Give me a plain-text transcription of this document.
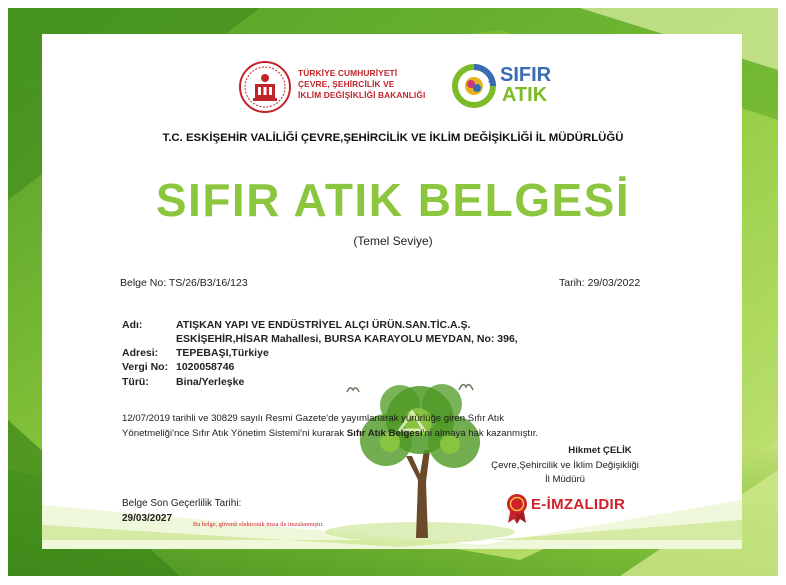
TÜRKİYE CUMHURİYETİ
ÇEVRE, ŞEHİRCİLİK VE
İKLİM DEĞİŞİKLİĞİ BAKANLIĞI
SIFIR
ATIK
T.C. ESKİŞEHİR VALİLİĞİ ÇEVRE,ŞEHİRCİLİK VE İKLİM DEĞİŞİKLİĞİ İL MÜDÜRLÜĞÜ
SIFIR ATIK BELGESİ
(Temel Seviye)
Belge No: TS/26/B3/16/123	Tarih: 29/03/2022
Adı:	ATIŞKAN YAPI VE ENDÜSTRİYEL ALÇI ÜRÜN.SAN.TİC.A.Ş.
ESKİŞEHİR,HİSAR Mahallesi, BURSA KARAYOLU MEYDAN, No: 396,
Adresi: TEPEBAŞI,Türkiye
Vergi No: 1020058746
Türü:	Bina/Yerleşke
12/07/2019 tarihli ve 30829 sayılı Resmi Gazete'de yayımlanarak yürürlüğe giren Sıfır Atık
Yönetmeliği'nce Sıfır Atık Yönetim Sistemi'ni kurarak Sıfır Atık Belgesi'ni almaya hak kazanmıştır.
Hikmet ÇELİK
Çevre,Şehircilik ve İklim Değişikliği
İl Müdürü
E-İMZALIDIR
Belge Son Geçerlilik Tarihi:
29/03/2027
Bu belge, güvenli elektronik imza ile imzalanmıştır.
